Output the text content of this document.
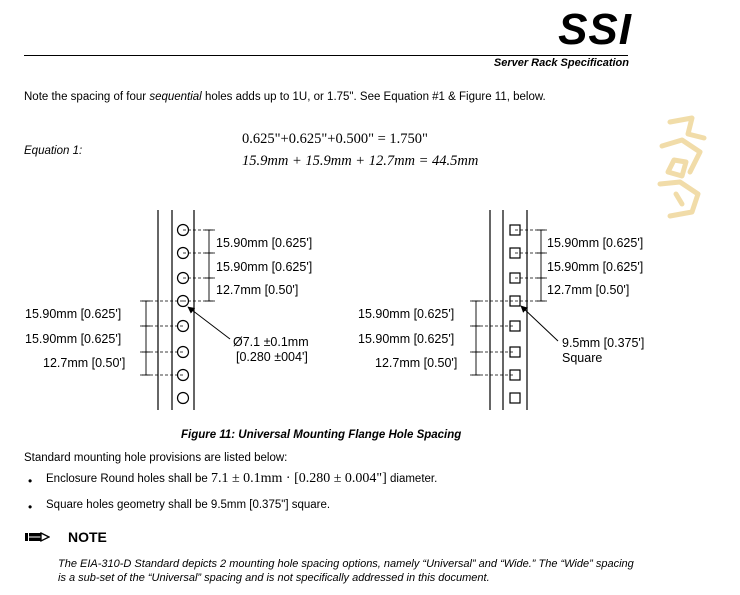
SSI
Server Rack Specification
Note the spacing of four sequential holes adds up to 1U, or 1.75". See Equation #1 & Figure 11, below.
Equation 1:
0.625"+0.625"+0.500" = 1.750"
15.9mm + 15.9mm + 12.7mm = 44.5mm
15.90mm [0.625']
15.90mm [0.625']
12.7mm [0.50']
15.90mm [0.625']
15.90mm [0.625']
12.7mm [0.50']
Ø7.1 ±0.1mm
[0.280 ±004']
15.90mm [0.625']
15.90mm [0.625']
12.7mm [0.50']
15.90mm [0.625']
15.90mm [0.625']
12.7mm [0.50']
9.5mm [0.375']
Square
Figure 11: Universal Mounting Flange Hole Spacing
Standard mounting hole provisions are listed below:
• Enclosure Round holes shall be 7.1 ± 0.1mm · [0.280 ± 0.004"] diameter.
• Square holes geometry shall be 9.5mm [0.375"] square.
NOTE
The EIA-310-D Standard depicts 2 mounting hole spacing options, namely “Universal” and “Wide.” The “Wide” spacing is a sub-set of the “Universal” spacing and is not specifically addressed in this document.
